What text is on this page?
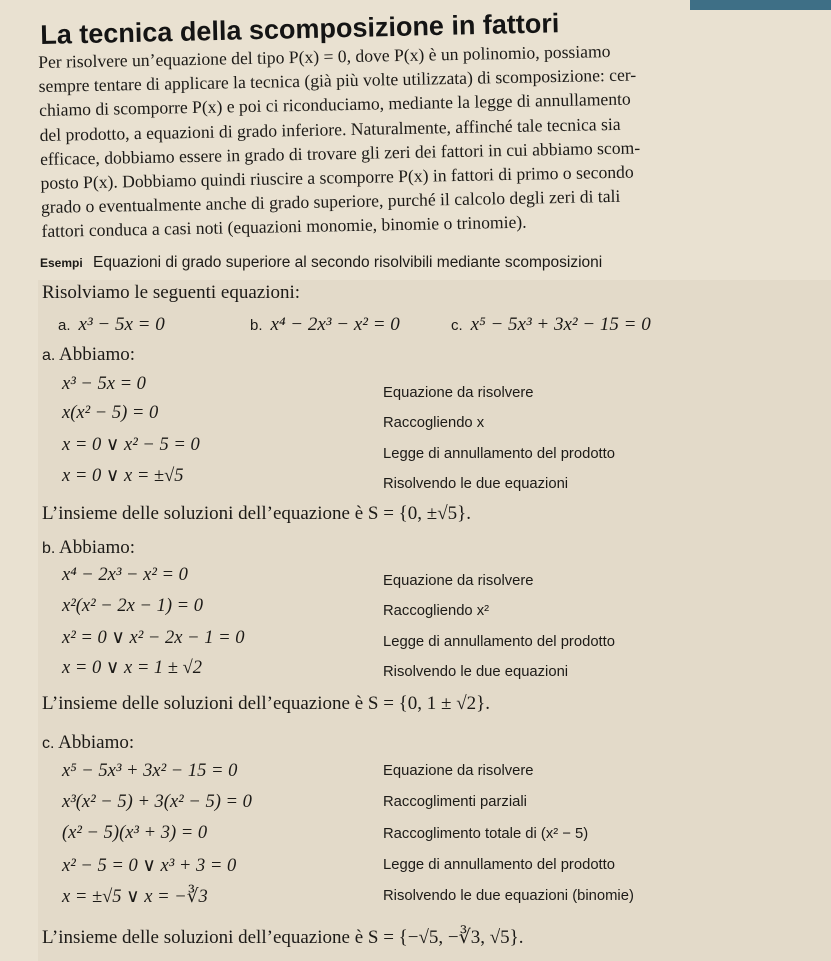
La tecnica della scomposizione in fattori
Per risolvere un’equazione del tipo P(x) = 0, dove P(x) è un polinomio, possiamo
sempre tentare di applicare la tecnica (già più volte utilizzata) di scomposizione: cer-
chiamo di scomporre P(x) e poi ci riconduciamo, mediante la legge di annullamento
del prodotto, a equazioni di grado inferiore. Naturalmente, affinché tale tecnica sia
efficace, dobbiamo essere in grado di trovare gli zeri dei fattori in cui abbiamo scom-
posto P(x). Dobbiamo quindi riuscire a scomporre P(x) in fattori di primo o secondo
grado o eventualmente anche di grado superiore, purché il calcolo degli zeri di tali
fattori conduca a casi noti (equazioni monomie, binomie o trinomie).
Esempi Equazioni di grado superiore al secondo risolvibili mediante scomposizioni
Risolviamo le seguenti equazioni:
a. x³ − 5x = 0	b. x⁴ − 2x³ − x² = 0	c. x⁵ − 5x³ + 3x² − 15 = 0
a. Abbiamo:
x³ − 5x = 0	Equazione da risolvere
x(x² − 5) = 0	Raccogliendo x
x = 0 ∨ x² − 5 = 0	Legge di annullamento del prodotto
x = 0 ∨ x = ±√5	Risolvendo le due equazioni
L’insieme delle soluzioni dell’equazione è S = {0, ±√5}.
b. Abbiamo:
x⁴ − 2x³ − x² = 0	Equazione da risolvere
x²(x² − 2x − 1) = 0	Raccogliendo x²
x² = 0 ∨ x² − 2x − 1 = 0	Legge di annullamento del prodotto
x = 0 ∨ x = 1 ± √2	Risolvendo le due equazioni
L’insieme delle soluzioni dell’equazione è S = {0, 1 ± √2}.
c. Abbiamo:
x⁵ − 5x³ + 3x² − 15 = 0	Equazione da risolvere
x³(x² − 5) + 3(x² − 5) = 0	Raccoglimenti parziali
(x² − 5)(x³ + 3) = 0	Raccoglimento totale di (x² − 5)
x² − 5 = 0 ∨ x³ + 3 = 0	Legge di annullamento del prodotto
x = ±√5 ∨ x = −∛3	Risolvendo le due equazioni (binomie)
L’insieme delle soluzioni dell’equazione è S = {−√5, −∛3, √5}.
